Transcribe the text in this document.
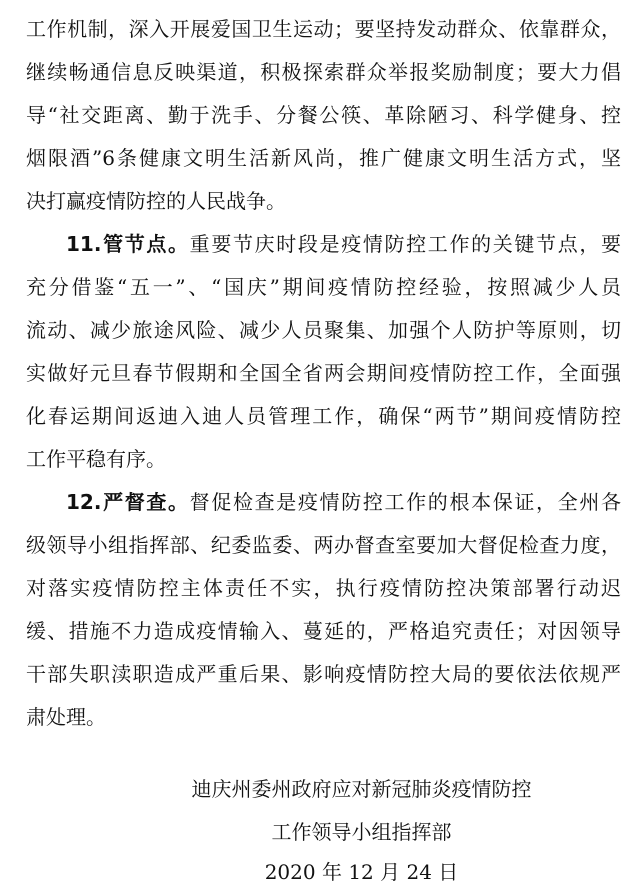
工作机制，深入开展爱国卫生运动；要坚持发动群众、依靠群众，
继续畅通信息反映渠道，积极探索群众举报奖励制度；要大力倡
导“社交距离、勤于洗手、分餐公筷、革除陋习、科学健身、控
烟限酒”6条健康文明生活新风尚，推广健康文明生活方式，坚
决打赢疫情防控的人民战争。
11.管节点。重要节庆时段是疫情防控工作的关键节点，要
充分借鉴“五一”、“国庆”期间疫情防控经验，按照减少人员
流动、减少旅途风险、减少人员聚集、加强个人防护等原则，切
实做好元旦春节假期和全国全省两会期间疫情防控工作，全面强
化春运期间返迪入迪人员管理工作，确保“两节”期间疫情防控
工作平稳有序。
12.严督查。督促检查是疫情防控工作的根本保证，全州各
级领导小组指挥部、纪委监委、两办督查室要加大督促检查力度，
对落实疫情防控主体责任不实，执行疫情防控决策部署行动迟
缓、措施不力造成疫情输入、蔓延的，严格追究责任；对因领导
干部失职渎职造成严重后果、影响疫情防控大局的要依法依规严
肃处理。
迪庆州委州政府应对新冠肺炎疫情防控
工作领导小组指挥部
2020 年 12 月 24 日
